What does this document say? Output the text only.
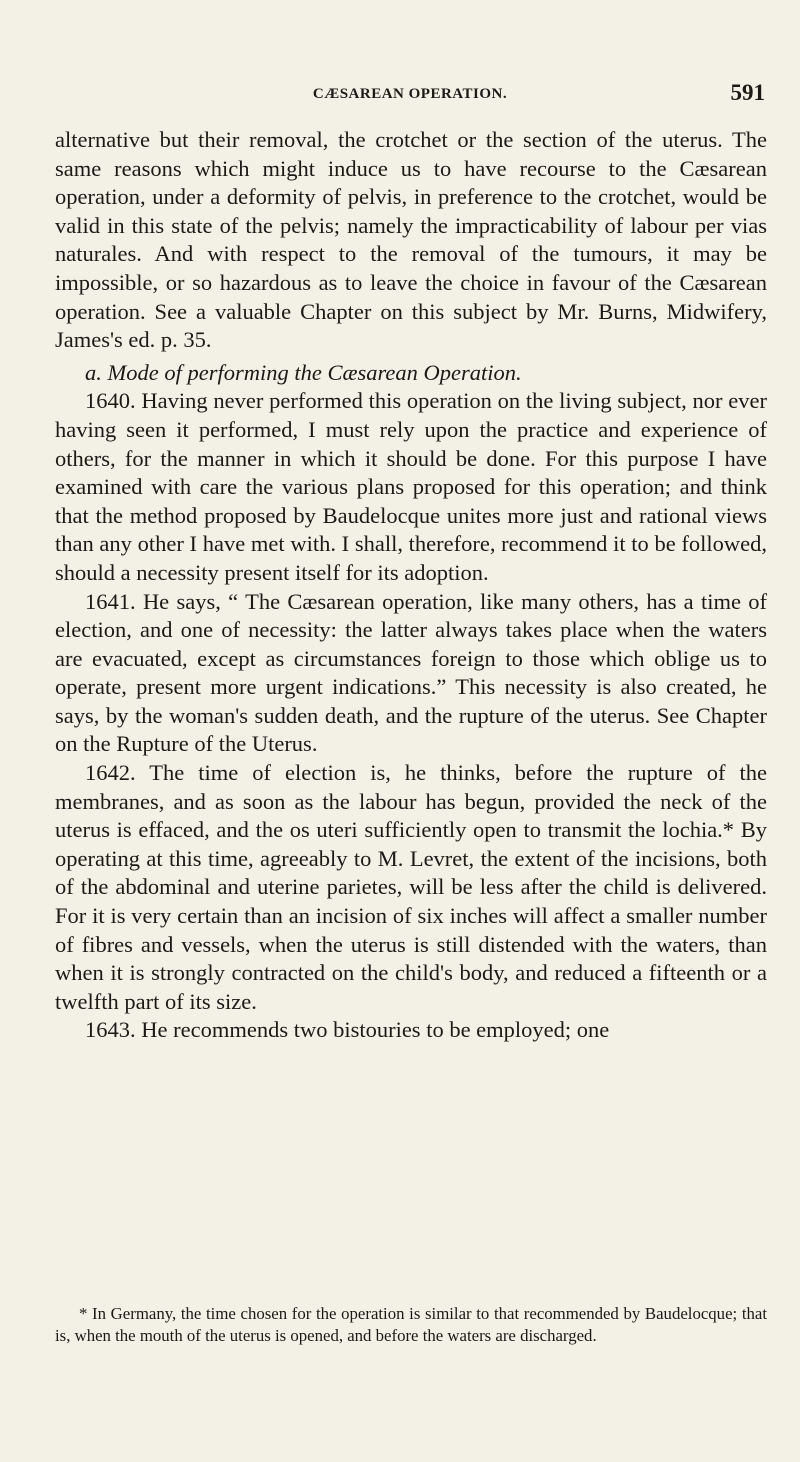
CÆSAREAN OPERATION.	591

alternative but their removal, the crotchet or the section of the uterus. The same reasons which might induce us to have recourse to the Cæsarean operation, under a deformity of pelvis, in preference to the crotchet, would be valid in this state of the pelvis; namely the impracticability of labour per vias naturales. And with respect to the removal of the tumours, it may be impossible, or so hazardous as to leave the choice in favour of the Cæsarean operation. See a valuable Chapter on this subject by Mr. Burns, Midwifery, James's ed. p. 35.

a. Mode of performing the Cæsarean Operation.

1640. Having never performed this operation on the living subject, nor ever having seen it performed, I must rely upon the practice and experience of others, for the manner in which it should be done. For this purpose I have examined with care the various plans proposed for this operation; and think that the method proposed by Baudelocque unites more just and rational views than any other I have met with. I shall, therefore, recommend it to be followed, should a necessity present itself for its adoption.

1641. He says, “ The Cæsarean operation, like many others, has a time of election, and one of necessity: the latter always takes place when the waters are evacuated, except as circumstances foreign to those which oblige us to operate, present more urgent indications.” This necessity is also created, he says, by the woman's sudden death, and the rupture of the uterus. See Chapter on the Rupture of the Uterus.

1642. The time of election is, he thinks, before the rupture of the membranes, and as soon as the labour has begun, provided the neck of the uterus is effaced, and the os uteri sufficiently open to transmit the lochia.* By operating at this time, agreeably to M. Levret, the extent of the incisions, both of the abdominal and uterine parietes, will be less after the child is delivered. For it is very certain than an incision of six inches will affect a smaller number of fibres and vessels, when the uterus is still distended with the waters, than when it is strongly contracted on the child's body, and reduced a fifteenth or a twelfth part of its size.

1643. He recommends two bistouries to be employed; one

* In Germany, the time chosen for the operation is similar to that recommended by Baudelocque; that is, when the mouth of the uterus is opened, and before the waters are discharged.
